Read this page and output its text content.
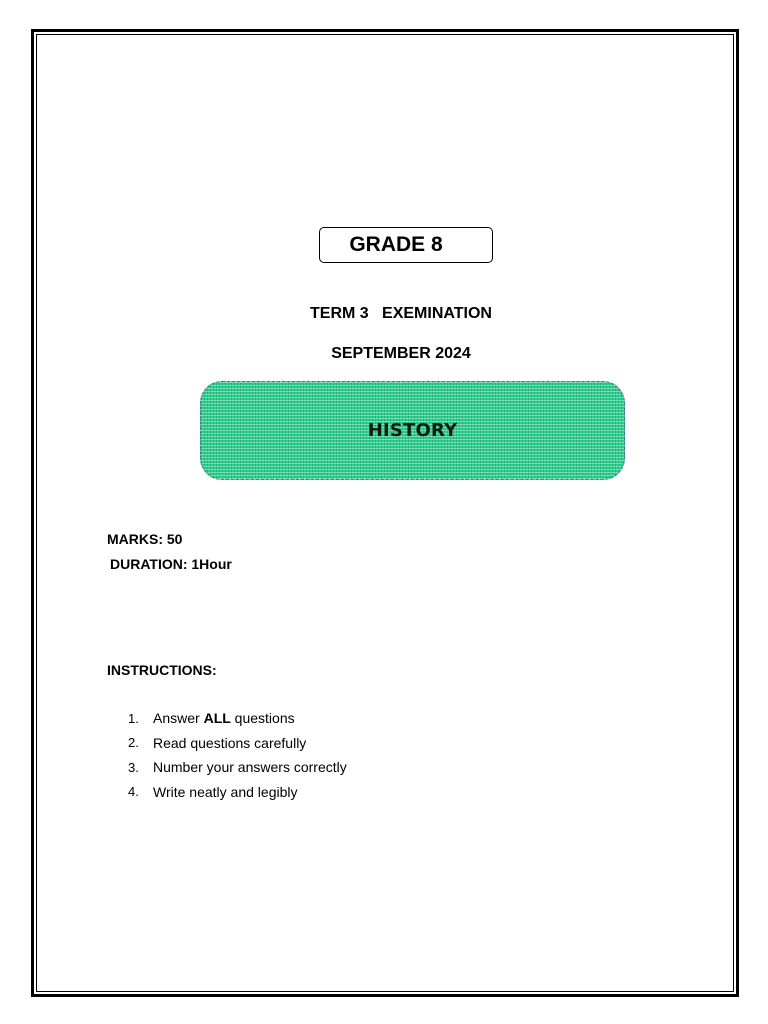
GRADE 8
TERM 3   EXEMINATION
SEPTEMBER 2024
HISTORY
MARKS: 50
DURATION: 1Hour
INSTRUCTIONS:
1.	Answer ALL questions
2.	Read questions carefully
3.	Number your answers correctly
4.	Write neatly and legibly
